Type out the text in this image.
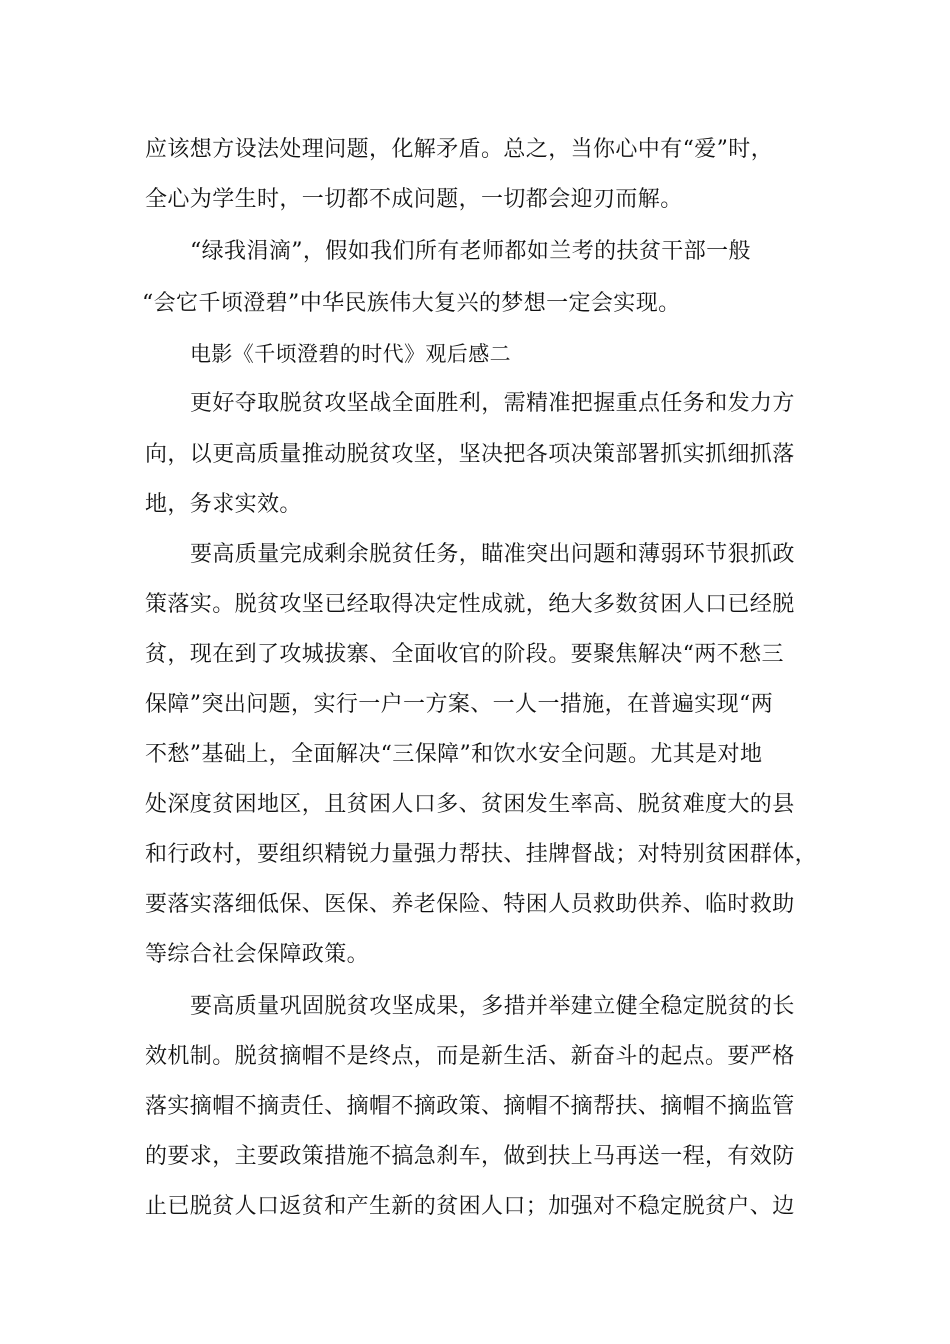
应该想方设法处理问题，化解矛盾。总之，当你心中有“爱”时，
全心为学生时，一切都不成问题，一切都会迎刃而解。
“绿我涓滴”，假如我们所有老师都如兰考的扶贫干部一般
“会它千顷澄碧”中华民族伟大复兴的梦想一定会实现。
电影《千顷澄碧的时代》观后感二
更好夺取脱贫攻坚战全面胜利，需精准把握重点任务和发力方
向，以更高质量推动脱贫攻坚，坚决把各项决策部署抓实抓细抓落
地，务求实效。
要高质量完成剩余脱贫任务，瞄准突出问题和薄弱环节狠抓政
策落实。脱贫攻坚已经取得决定性成就，绝大多数贫困人口已经脱
贫，现在到了攻城拔寨、全面收官的阶段。要聚焦解决“两不愁三
保障”突出问题，实行一户一方案、一人一措施，在普遍实现“两
不愁”基础上，全面解决“三保障”和饮水安全问题。尤其是对地
处深度贫困地区，且贫困人口多、贫困发生率高、脱贫难度大的县
和行政村，要组织精锐力量强力帮扶、挂牌督战；对特别贫困群体，
要落实落细低保、医保、养老保险、特困人员救助供养、临时救助
等综合社会保障政策。
要高质量巩固脱贫攻坚成果，多措并举建立健全稳定脱贫的长
效机制。脱贫摘帽不是终点，而是新生活、新奋斗的起点。要严格
落实摘帽不摘责任、摘帽不摘政策、摘帽不摘帮扶、摘帽不摘监管
的要求，主要政策措施不搞急刹车，做到扶上马再送一程，有效防
止已脱贫人口返贫和产生新的贫困人口；加强对不稳定脱贫户、边
